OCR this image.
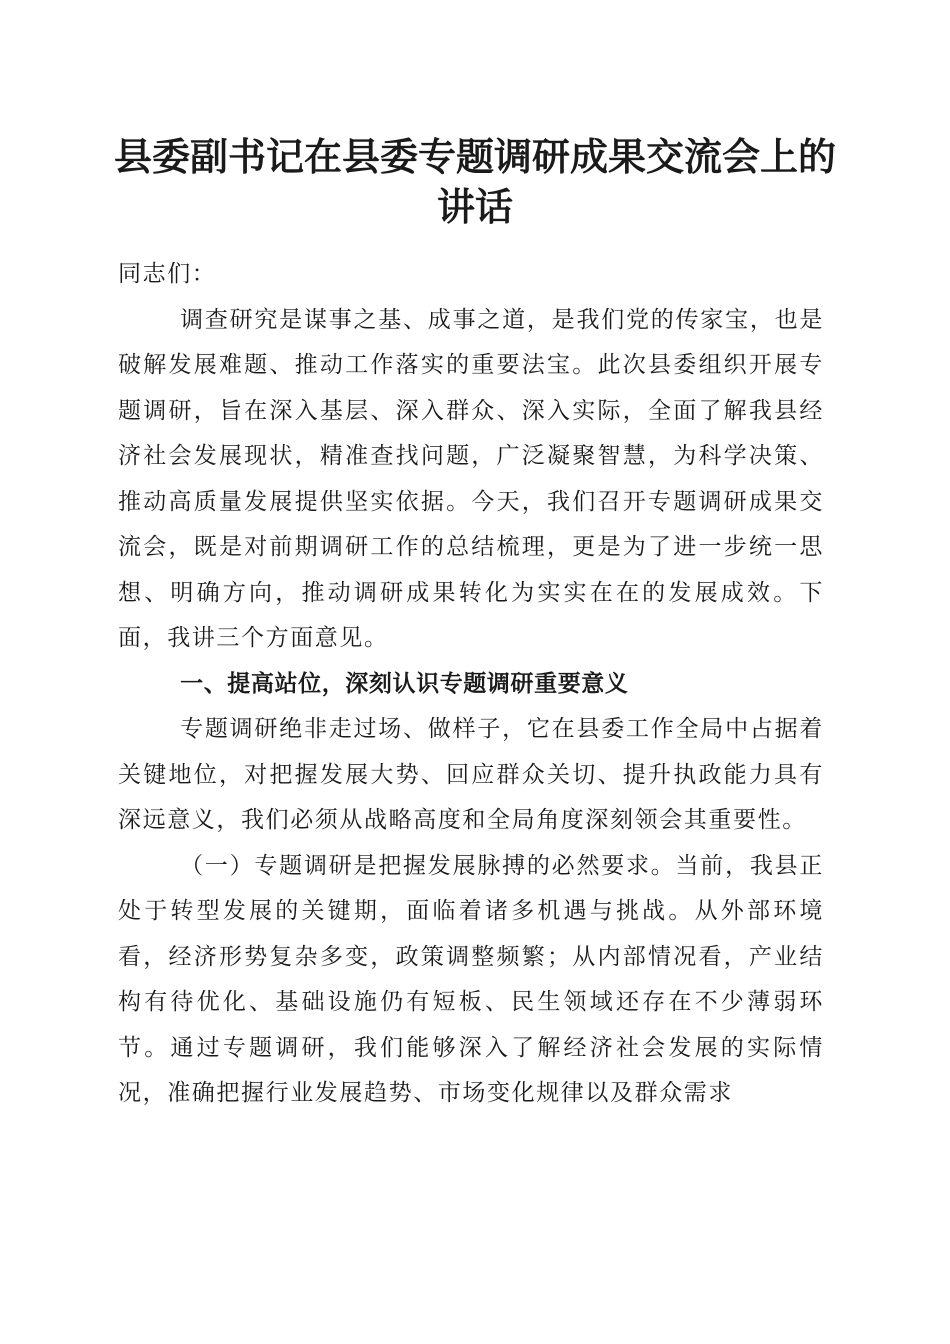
县委副书记在县委专题调研成果交流会上的讲话

同志们：

调查研究是谋事之基、成事之道，是我们党的传家宝，也是破解发展难题、推动工作落实的重要法宝。此次县委组织开展专题调研，旨在深入基层、深入群众、深入实际，全面了解我县经济社会发展现状，精准查找问题，广泛凝聚智慧，为科学决策、推动高质量发展提供坚实依据。今天，我们召开专题调研成果交流会，既是对前期调研工作的总结梳理，更是为了进一步统一思想、明确方向，推动调研成果转化为实实在在的发展成效。下面，我讲三个方面意见。

一、提高站位，深刻认识专题调研重要意义

专题调研绝非走过场、做样子，它在县委工作全局中占据着关键地位，对把握发展大势、回应群众关切、提升执政能力具有深远意义，我们必须从战略高度和全局角度深刻领会其重要性。

（一）专题调研是把握发展脉搏的必然要求。当前，我县正处于转型发展的关键期，面临着诸多机遇与挑战。从外部环境看，经济形势复杂多变，政策调整频繁；从内部情况看，产业结构有待优化、基础设施仍有短板、民生领域还存在不少薄弱环节。通过专题调研，我们能够深入了解经济社会发展的实际情况，准确把握行业发展趋势、市场变化规律以及群众需求
